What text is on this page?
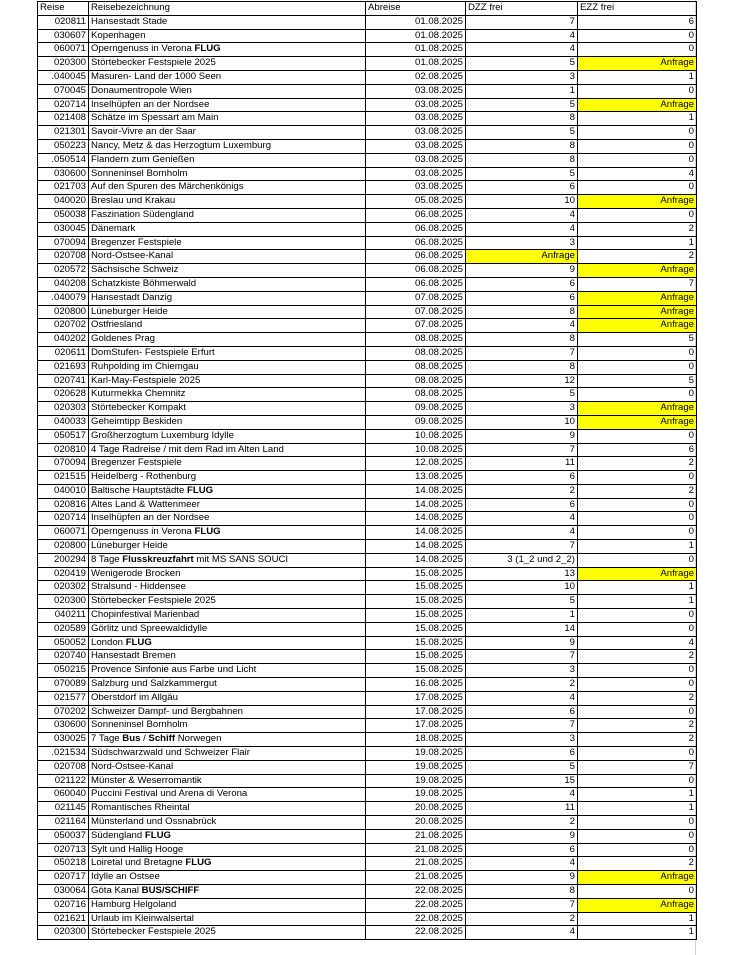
Reise	Reisebezeichnung	Abreise	DZZ frei	EZZ frei
020811	Hansestadt Stade	01.08.2025	7	6
030607	Kopenhagen	01.08.2025	4	0
060071	Operngenuss in Verona FLUG	01.08.2025	4	0
020300	Störtebecker Festspiele 2025	01.08.2025	5	Anfrage
.040045	Masuren- Land der 1000 Seen	02.08.2025	3	1
070045	Donaumentropole Wien	03.08.2025	1	0
020714	Inselhüpfen an der Nordsee	03.08.2025	5	Anfrage
021408	Schätze im Spessart am Main	03.08.2025	8	1
021301	Savoir-Vivre an der Saar	03.08.2025	5	0
050223	Nancy, Metz & das Herzogtum Luxemburg	03.08.2025	8	0
.050514	Flandern zum Genießen	03.08.2025	8	0
030600	Sonneninsel Bornholm	03.08.2025	5	4
021703	Auf den Spuren des Märchenkönigs	03.08.2025	6	0
040020	Breslau und Krakau	05.08.2025	10	Anfrage
050038	Faszination Südengland	06.08.2025	4	0
030045	Dänemark	06.08.2025	4	2
070094	Bregenzer Festspiele	06.08.2025	3	1
020708	Nord-Ostsee-Kanal	06.08.2025	Anfrage	2
020572	Sächsische Schweiz	06.08.2025	9	Anfrage
040208	Schatzkiste Böhmerwald	06.08.2025	6	7
.040079	Hansestadt Danzig	07.08.2025	6	Anfrage
020800	Lüneburger Heide	07.08.2025	8	Anfrage
020702	Ostfriesland	07.08.2025	4	Anfrage
040202	Goldenes Prag	08.08.2025	8	5
020611	DomStufen- Festspiele Erfurt	08.08.2025	7	0
021693	Ruhpolding im Chiemgau	08.08.2025	8	0
020741	Karl-May-Festspiele 2025	08.08.2025	12	5
020628	Kuturmekka Chemnitz	08.08.2025	5	0
020303	Störtebecker Kompakt	09.08.2025	3	Anfrage
040033	Geheimtipp Beskiden	09.08.2025	10	Anfrage
050517	Großherzogtum Luxemburg Idylle	10.08.2025	9	0
020810	4 Tage Radreise / mit dem Rad im Alten Land	10.08.2025	7	6
070094	Bregenzer Festspiele	12.08.2025	11	2
021515	Heidelberg - Rothenburg	13.08.2025	6	0
040010	Baltische Hauptstädte FLUG	14.08.2025	2	2
020816	Altes Land & Wattenmeer	14.08.2025	6	0
020714	Inselhüpfen an der Nordsee	14.08.2025	4	0
060071	Operngenuss in Verona FLUG	14.08.2025	4	0
020800	Lüneburger Heide	14.08.2025	7	1
200294	8 Tage Flusskreuzfahrt mit MS SANS SOUCI	14.08.2025	3 (1_2 und 2_2)	0
020419	Wenigerode Brocken	15.08.2025	13	Anfrage
020302	Stralsund - Hiddensee	15.08.2025	10	1
020300	Störtebecker Festspiele 2025	15.08.2025	5	1
040211	Chopinfestival Marienbad	15.08.2025	1	0
020589	Görlitz und Spreewaldidylle	15.08.2025	14	0
050052	London FLUG	15.08.2025	9	4
020740	Hansestadt Bremen	15.08.2025	7	2
050215	Provence Sinfonie aus Farbe und Licht	15.08.2025	3	0
070089	Salzburg und Salzkammergut	16.08.2025	2	0
021577	Oberstdorf im Allgäu	17.08.2025	4	2
070202	Schweizer Dampf- und Bergbahnen	17.08.2025	6	0
030600	Sonneninsel Bornholm	17.08.2025	7	2
030025	7 Tage Bus / Schiff Norwegen	18.08.2025	3	2
.021534	Südschwarzwald und Schweizer Flair	19.08.2025	6	0
020708	Nord-Ostsee-Kanal	19.08.2025	5	7
021122	Münster & Weserromantik	19.08.2025	15	0
060040	Puccini Festival und Arena di Verona	19.08.2025	4	1
021145	Romantisches Rheintal	20.08.2025	11	1
021164	Münsterland und Ossnabrück	20.08.2025	2	0
050037	Südengland FLUG	21.08.2025	9	0
020713	Sylt und Hallig Hooge	21.08.2025	6	0
050218	Loiretal und Bretagne FLUG	21.08.2025	4	2
020717	Idylle an Ostsee	21.08.2025	9	Anfrage
030064	Göta Kanal BUS/SCHIFF	22.08.2025	8	0
020716	Hamburg Helgoland	22.08.2025	7	Anfrage
021621	Urlaub im Kleinwalsertal	22.08.2025	2	1
020300	Störtebecker Festspiele 2025	22.08.2025	4	1
